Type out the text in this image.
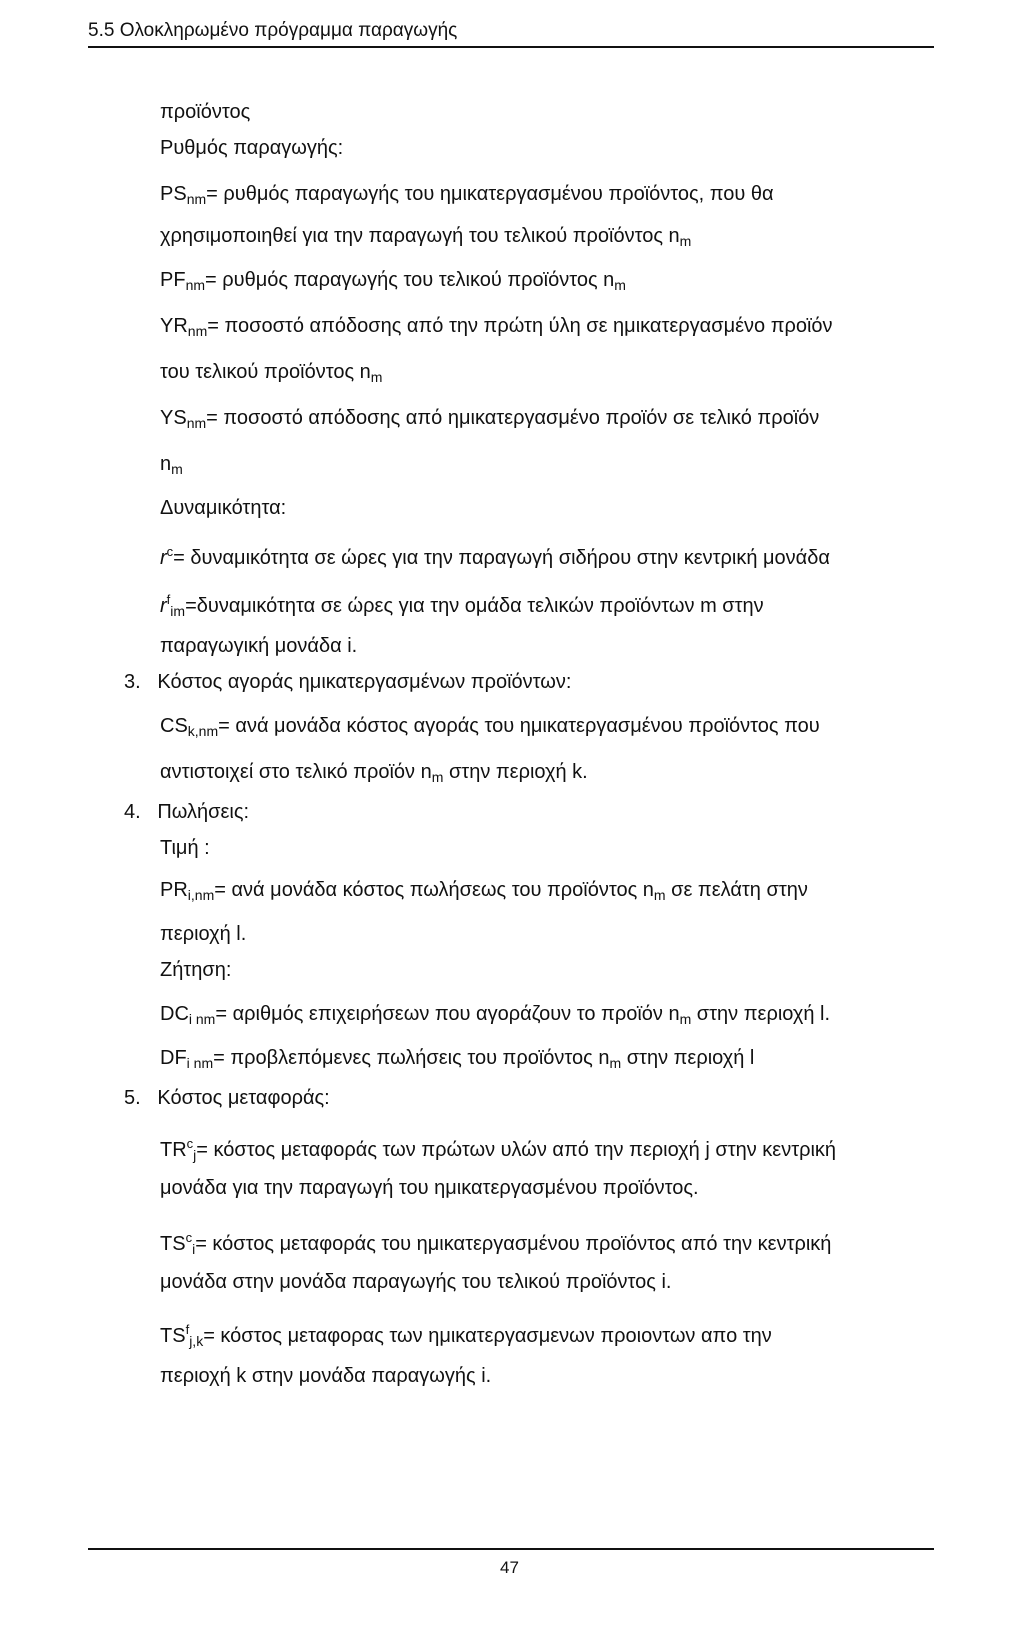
5.5 Ολοκληρωμένο πρόγραμμα παραγωγής
προϊόντος
Ρυθμός παραγωγής:
$PS_{nm}= \rho\upsilon\theta\mu ό\varsigma$ παραγωγής του ημικατεργασμένου προϊόντος, που θα
χρησιμοποιηθεί για την παραγωγή του τελικού προϊόντος $n_m$
$PF_{nm}= \rho\upsilon\theta\mu ό\varsigma$ παραγωγής του τελικού προϊόντος $n_m$
$YR_{nm}= \pi o\sigma o\sigma\tau ό$ απόδοσης από την πρώτη ύλη σε ημικατεργασμένο προϊόν
του τελικού προϊόντος $n_m$
$YS_{nm}= \pi o\sigma o\sigma\tau ό$ απόδοσης από ημικατεργασμένο προϊόν σε τελικό προϊόν
$n_m$
Δυναμικότητα:
$r^c= \delta\upsilon\nu\alpha\mu\iota\kappa ό\tau\eta\tau\alpha$ σε ώρες για την παραγωγή σιδήρου στην κεντρική μονάδα
$r^f_{im}=\delta\upsilon\nu\alpha\mu\iota\kappa ό\tau\eta\tau\alpha$ σε ώρες για την ομάδα τελικών προϊόντων m στην
παραγωγική μονάδα i.
3. Κόστος αγοράς ημικατεργασμένων προϊόντων:
$CS_{k,nm}= \alpha\nu ά$ μονάδα κόστος αγοράς του ημικατεργασμένου προϊόντος που
αντιστοιχεί στο τελικό προϊόν $n_m$ στην περιοχή k.
4. Πωλήσεις:
Τιμή :
$PR_{i,nm}= \alpha\nu ά$ μονάδα κόστος πωλήσεως του προϊόντος $n_m$ σε πελάτη στην
περιοχή l.
Ζήτηση:
$DC_{i nm}= \alpha\rho\iota\theta\mu ό\varsigma$ επιχειρήσεων που αγοράζουν το προϊόν $n_m$ στην περιοχή l.
$DF_{i nm}= \pi\rho o\beta\lambda\varepsilon\pi ό\mu\varepsilon\nu\varepsilon\varsigma$ πωλήσεις του προϊόντος $n_m$ στην περιοχή l
5. Κόστος μεταφοράς:
$TR^c_j= \kappa ό\sigma\tau o\varsigma$ μεταφοράς των πρώτων υλών από την περιοχή j στην κεντρική
μονάδα για την παραγωγή του ημικατεργασμένου προϊόντος.
$TS^c_i= \kappa ό\sigma\tau o\varsigma$ μεταφοράς του ημικατεργασμένου προϊόντος από την κεντρική
μονάδα στην μονάδα παραγωγής του τελικού προϊόντος i.
$TS^f_{j,k}= \kappa ό\sigma\tau o\varsigma$ μεταφορας των ημικατεργασμενων προιοντων απο την
περιοχή k στην μονάδα παραγωγής i.
47
